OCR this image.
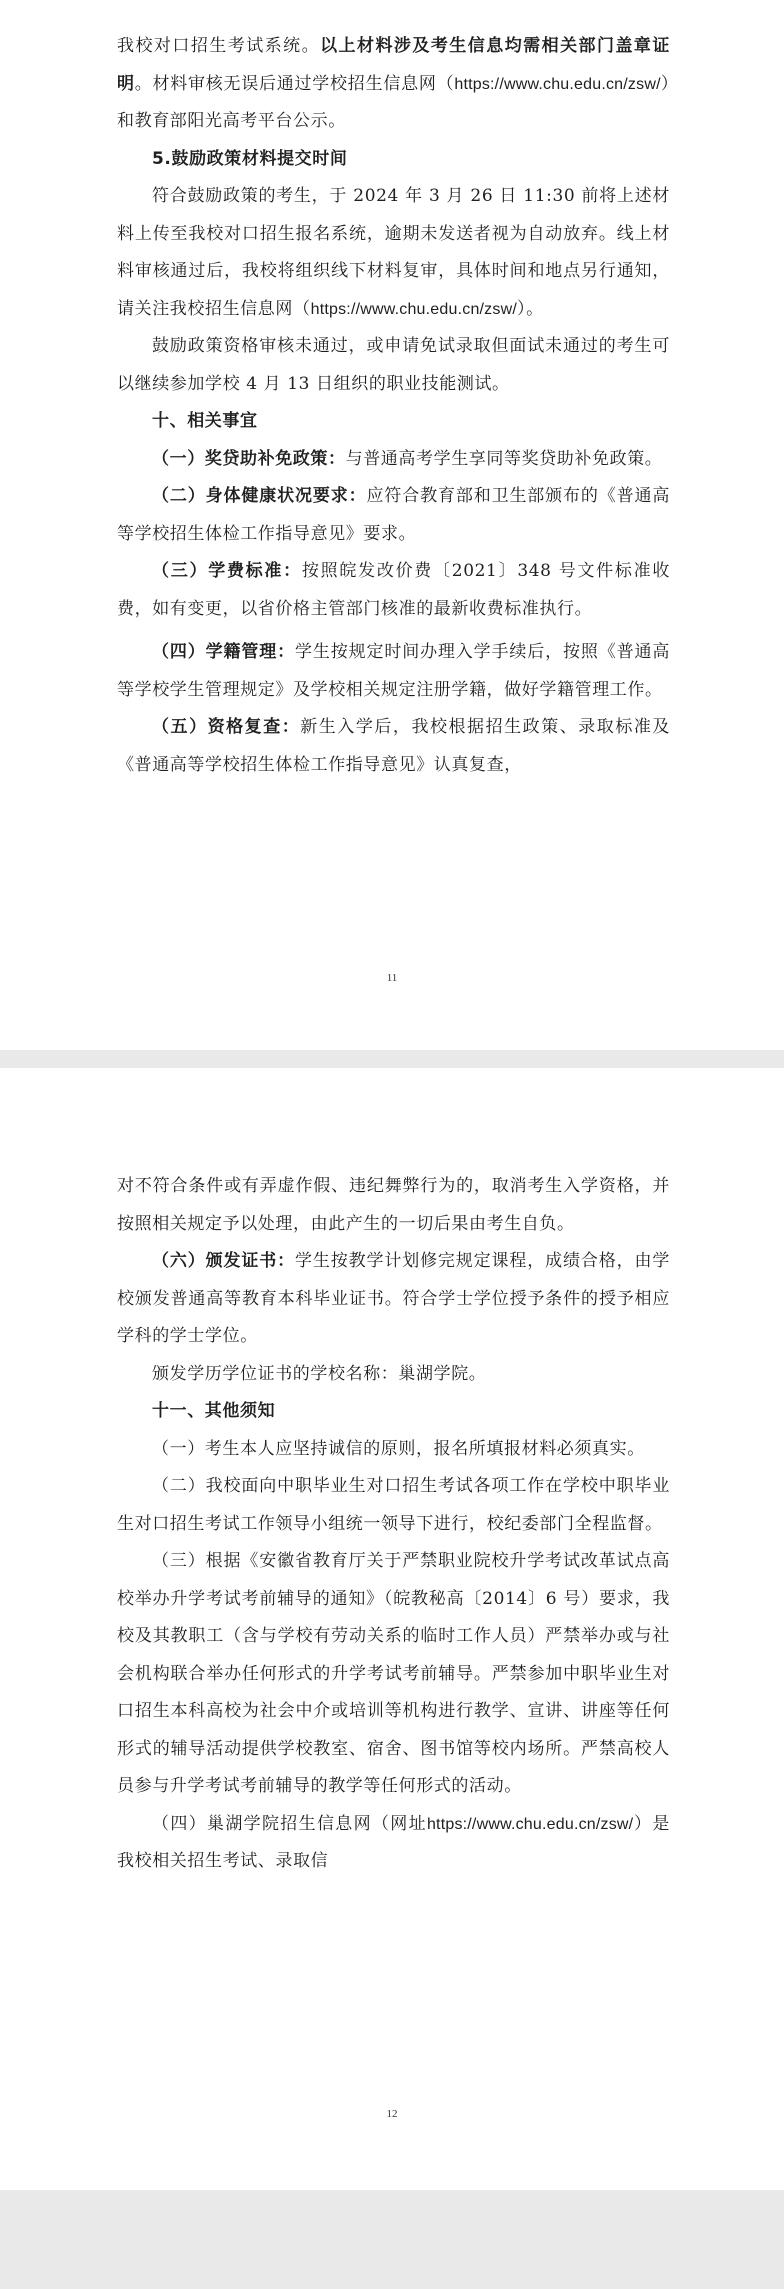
我校对口招生考试系统。以上材料涉及考生信息均需相关部门盖章证明。材料审核无误后通过学校招生信息网（https://www.chu.edu.cn/zsw/）和教育部阳光高考平台公示。

5.鼓励政策材料提交时间

符合鼓励政策的考生，于 2024 年 3 月 26 日 11:30 前将上述材料上传至我校对口招生报名系统，逾期未发送者视为自动放弃。线上材料审核通过后，我校将组织线下材料复审，具体时间和地点另行通知，请关注我校招生信息网（https://www.chu.edu.cn/zsw/）。

鼓励政策资格审核未通过，或申请免试录取但面试未通过的考生可以继续参加学校 4 月 13 日组织的职业技能测试。

十、相关事宜

（一）奖贷助补免政策：与普通高考学生享同等奖贷助补免政策。

（二）身体健康状况要求：应符合教育部和卫生部颁布的《普通高等学校招生体检工作指导意见》要求。

（三）学费标准：按照皖发改价费〔2021〕348 号文件标准收费，如有变更，以省价格主管部门核准的最新收费标准执行。

（四）学籍管理：学生按规定时间办理入学手续后，按照《普通高等学校学生管理规定》及学校相关规定注册学籍，做好学籍管理工作。

（五）资格复查：新生入学后，我校根据招生政策、录取标准及《普通高等学校招生体检工作指导意见》认真复查，

11

对不符合条件或有弄虚作假、违纪舞弊行为的，取消考生入学资格，并按照相关规定予以处理，由此产生的一切后果由考生自负。

（六）颁发证书：学生按教学计划修完规定课程，成绩合格，由学校颁发普通高等教育本科毕业证书。符合学士学位授予条件的授予相应学科的学士学位。

颁发学历学位证书的学校名称：巢湖学院。

十一、其他须知

（一）考生本人应坚持诚信的原则，报名所填报材料必须真实。

（二）我校面向中职毕业生对口招生考试各项工作在学校中职毕业生对口招生考试工作领导小组统一领导下进行，校纪委部门全程监督。

（三）根据《安徽省教育厅关于严禁职业院校升学考试改革试点高校举办升学考试考前辅导的通知》（皖教秘高〔2014〕6 号）要求，我校及其教职工（含与学校有劳动关系的临时工作人员）严禁举办或与社会机构联合举办任何形式的升学考试考前辅导。严禁参加中职毕业生对口招生本科高校为社会中介或培训等机构进行教学、宣讲、讲座等任何形式的辅导活动提供学校教室、宿舍、图书馆等校内场所。严禁高校人员参与升学考试考前辅导的教学等任何形式的活动。

（四）巢湖学院招生信息网（网址https://www.chu.edu.cn/zsw/）是我校相关招生考试、录取信

12
